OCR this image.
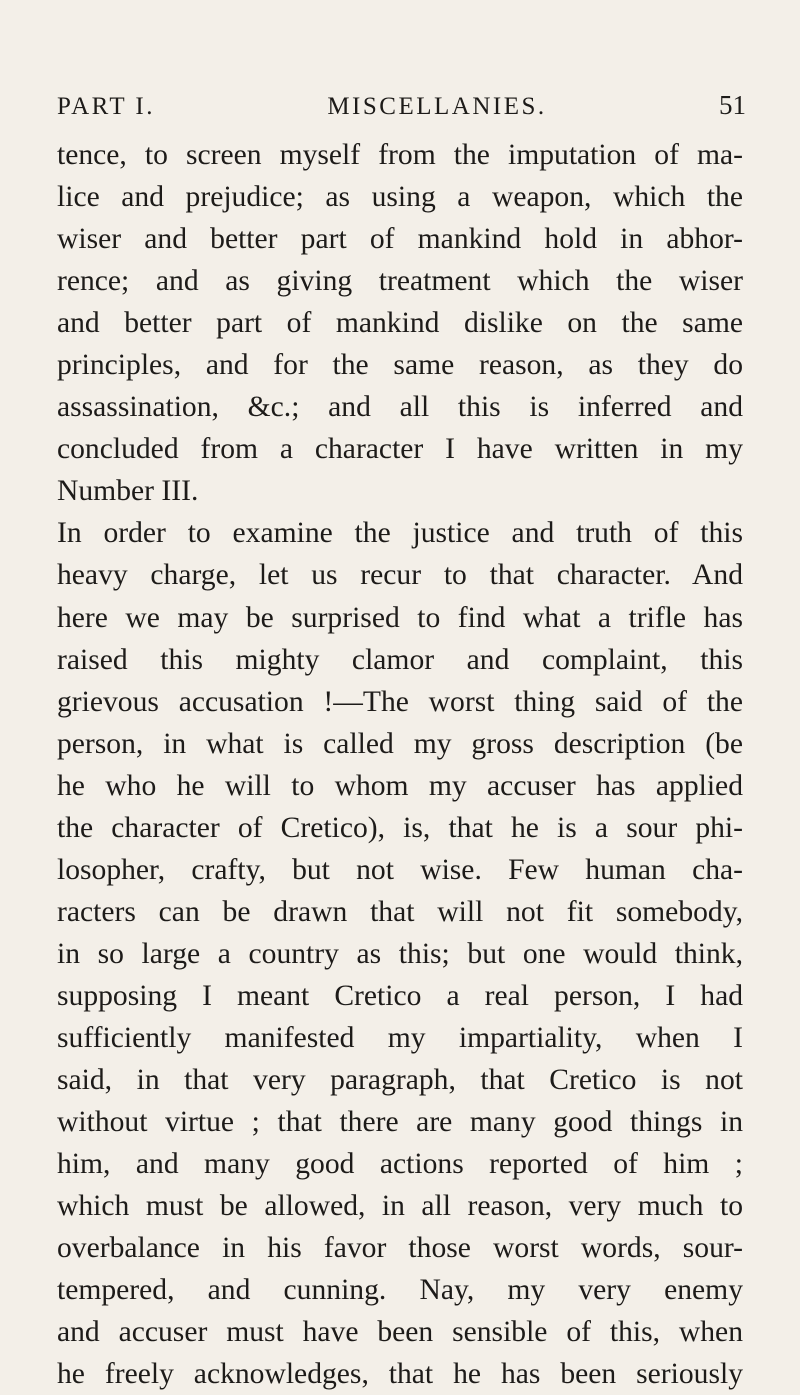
PART I.	MISCELLANIES.	51
tence, to screen myself from the imputation of ma-
lice and prejudice; as using a weapon, which the
wiser and better part of mankind hold in abhor-
rence; and as giving treatment which the wiser
and better part of mankind dislike on the same
principles, and for the same reason, as they do
assassination, &c.; and all this is inferred and
concluded from a character I have written in my
Number III.
In order to examine the justice and truth of this
heavy charge, let us recur to that character. And
here we may be surprised to find what a trifle has
raised this mighty clamor and complaint, this
grievous accusation !—The worst thing said of the
person, in what is called my gross description (be
he who he will to whom my accuser has applied
the character of Cretico), is, that he is a sour phi-
losopher, crafty, but not wise. Few human cha-
racters can be drawn that will not fit somebody,
in so large a country as this; but one would think,
supposing I meant Cretico a real person, I had
sufficiently manifested my impartiality, when I
said, in that very paragraph, that Cretico is not
without virtue ; that there are many good things in
him, and many good actions reported of him ;
which must be allowed, in all reason, very much to
overbalance in his favor those worst words, sour-
tempered, and cunning. Nay, my very enemy
and accuser must have been sensible of this, when
he freely acknowledges, that he has been seriously
